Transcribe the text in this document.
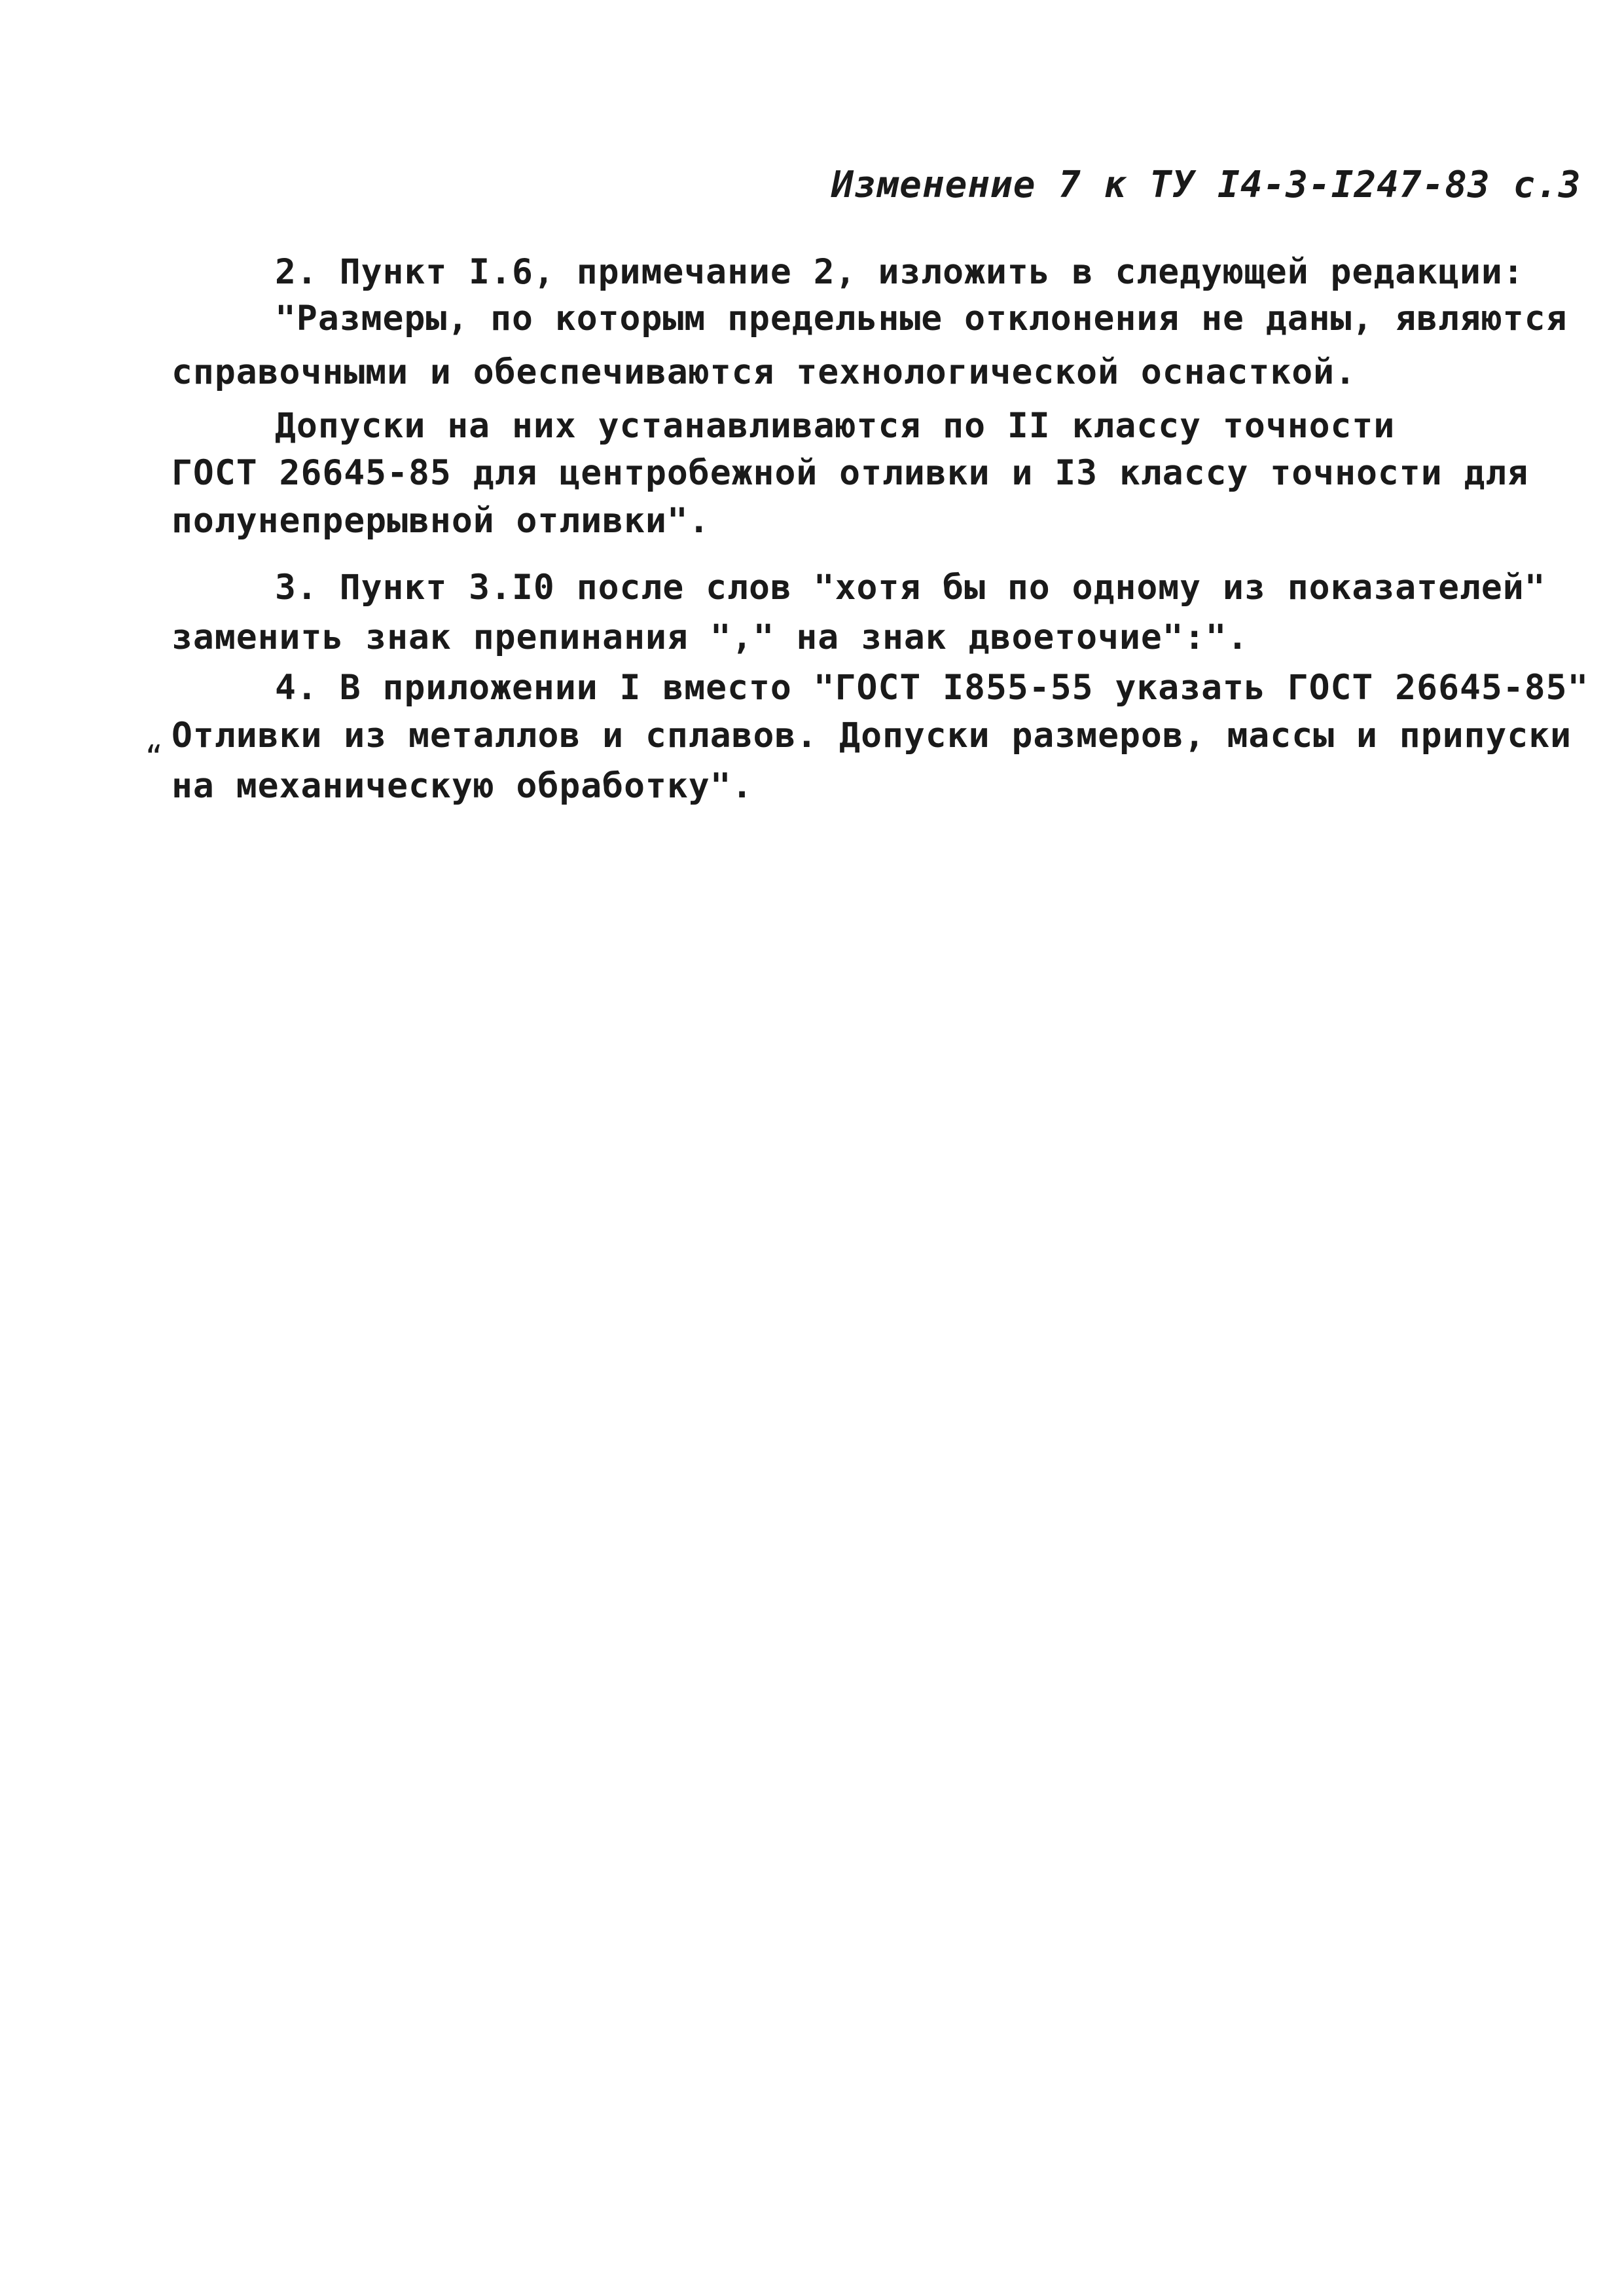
Изменение 7 к ТУ I4-3-I247-83 с.3
2. Пункт I.6, примечание 2, изложить в следующей редакции:
"Размеры, по которым предельные отклонения не даны, являются
справочными и обеспечиваются технологической оснасткой.
Допуски на них устанавливаются по II классу точности
ГОСТ 26645-85 для центробежной отливки и I3 классу точности для
полунепрерывной отливки".
3. Пункт 3.I0 после слов "хотя бы по одному из показателей"
заменить знак препинания "," на знак двоеточие":".
4. В приложении I вместо "ГОСТ I855-55 указать ГОСТ 26645-85"
“
Отливки из металлов и сплавов. Допуски размеров, массы и припуски
на механическую обработку".
